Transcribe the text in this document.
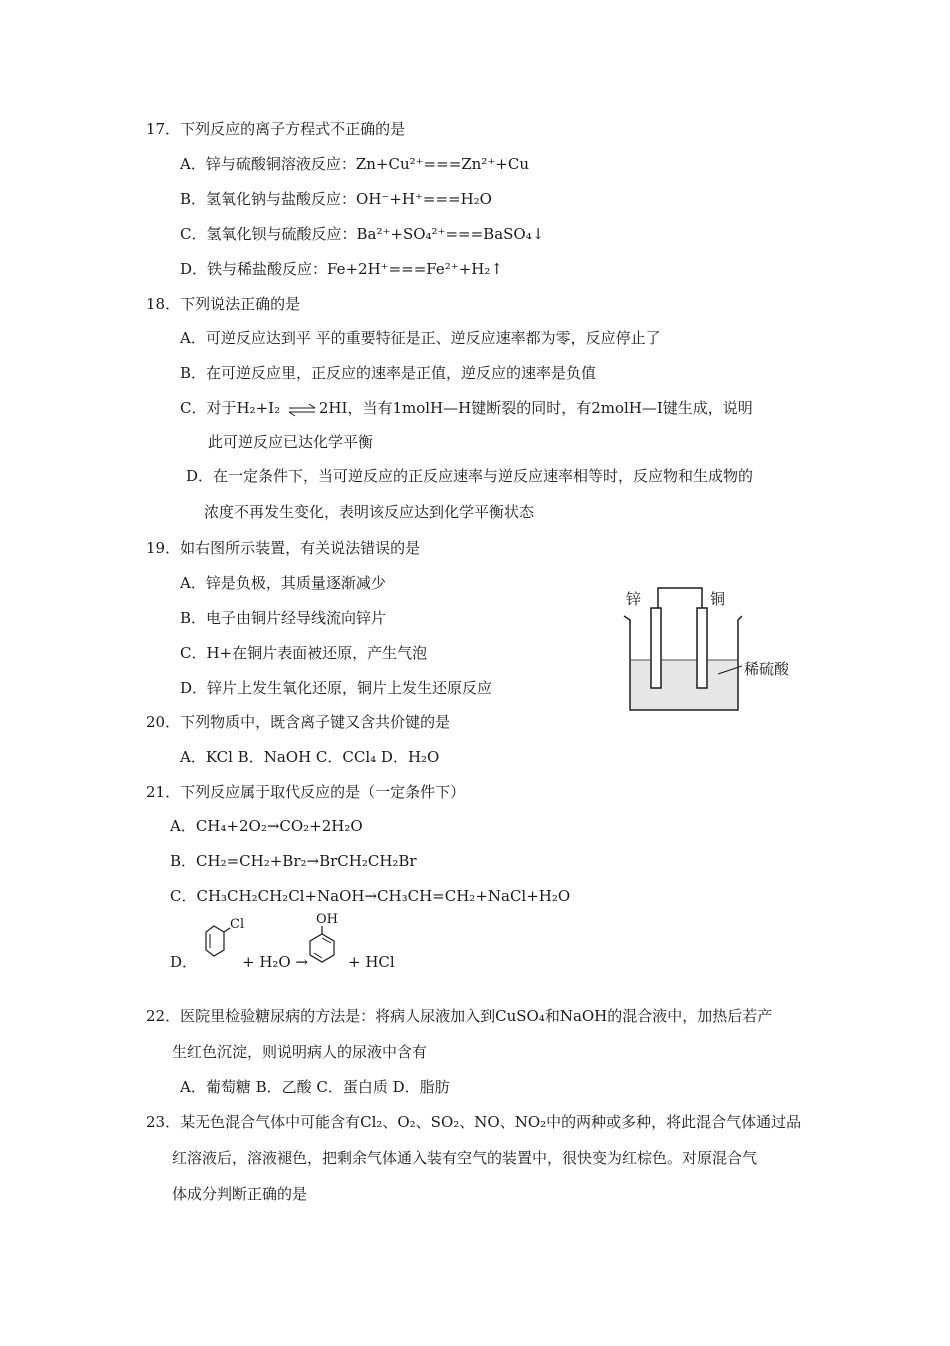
17．下列反应的离子方程式不正确的是
A．锌与硫酸铜溶液反应：Zn+Cu²⁺===Zn²⁺+Cu
B．氢氧化钠与盐酸反应：OH⁻+H⁺===H₂O
C．氢氧化钡与硫酸反应：Ba²⁺+SO₄²⁺===BaSO₄↓
D．铁与稀盐酸反应：Fe+2H⁺===Fe²⁺+H₂↑
18．下列说法正确的是
A．可逆反应达到平 平的重要特征是正、逆反应速率都为零，反应停止了
B．在可逆反应里，正反应的速率是正值，逆反应的速率是负值
C．对于H₂+I₂ ⇌ 2HI，当有1molH—H键断裂的同时，有2molH—I键生成，说明
此可逆反应已达化学平衡
D．在一定条件下，当可逆反应的正反应速率与逆反应速率相等时，反应物和生成物的
浓度不再发生变化，表明该反应达到化学平衡状态
19．如右图所示装置，有关说法错误的是
A．锌是负极，其质量逐渐减少
B．电子由铜片经导线流向锌片
C．H+在铜片表面被还原，产生气泡
D．锌片上发生氧化还原，铜片上发生还原反应
锌	铜
稀硫酸
20．下列物质中，既含离子键又含共价键的是
A．KCl B．NaOH C．CCl₄ D．H₂O
21．下列反应属于取代反应的是（一定条件下）
A．CH₄+2O₂→CO₂+2H₂O
B．CH₂=CH₂+Br₂→BrCH₂CH₂Br
C．CH₃CH₂CH₂Cl+NaOH→CH₃CH=CH₂+NaCl+H₂O
D．
Cl
+ H₂O →
OH
+ HCl
22．医院里检验糖尿病的方法是：将病人尿液加入到CuSO₄和NaOH的混合液中，加热后若产
生红色沉淀，则说明病人的尿液中含有
A．葡萄糖 B．乙酸 C．蛋白质 D．脂肪
23．某无色混合气体中可能含有Cl₂、O₂、SO₂、NO、NO₂中的两种或多种，将此混合气体通过品
红溶液后，溶液褪色，把剩余气体通入装有空气的装置中，很快变为红棕色。对原混合气
体成分判断正确的是
